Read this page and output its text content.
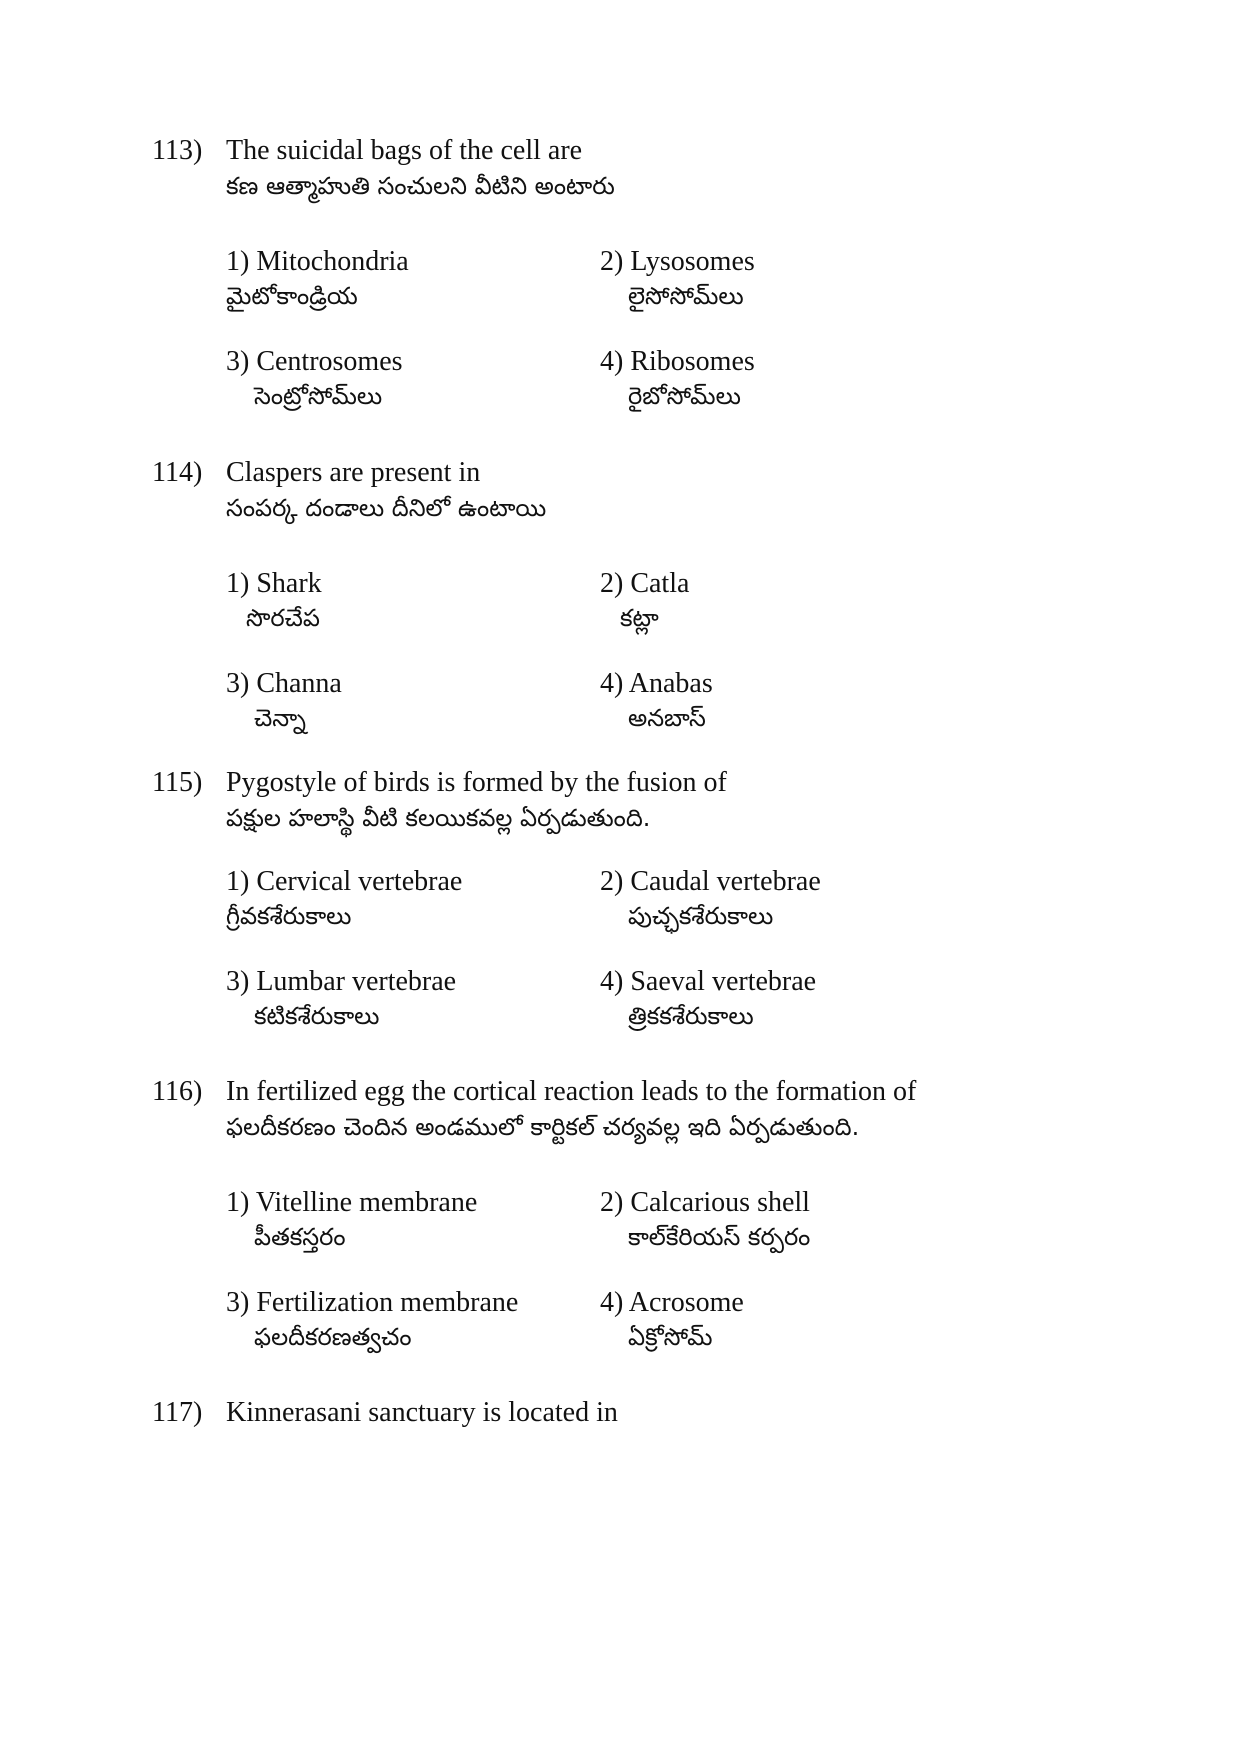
113) The suicidal bags of the cell are
కణ ఆత్మాహుతి సంచులని వీటిని అంటారు
1) Mitochondria
మైటోకాండ్రియ
2) Lysosomes
లైసోసోమ్‌లు
3) Centrosomes
సెంట్రోసోమ్‌లు
4) Ribosomes
రైబోసోమ్‌లు
114) Claspers are present in
సంపర్క దండాలు దీనిలో ఉంటాయి
1) Shark
సొరచేప
2) Catla
కట్లా
3) Channa
చెన్నా
4) Anabas
అనబాస్
115) Pygostyle of birds is formed by the fusion of
పక్షుల హలాస్థి వీటి కలయికవల్ల ఏర్పడుతుంది.
1) Cervical vertebrae
గ్రీవకశేరుకాలు
2) Caudal vertebrae
పుచ్ఛకశేరుకాలు
3) Lumbar vertebrae
కటికశేరుకాలు
4) Saeval vertebrae
త్రికకశేరుకాలు
116) In fertilized egg the cortical reaction leads to the formation of
ఫలదీకరణం చెందిన అండములో కార్టికల్ చర్యవల్ల ఇది ఏర్పడుతుంది.
1) Vitelline membrane
పీతకస్తరం
2) Calcarious shell
కాల్‌కేరియస్ కర్పరం
3) Fertilization membrane
ఫలదీకరణత్వచం
4) Acrosome
ఏక్రోసోమ్
117) Kinnerasani sanctuary is located in
